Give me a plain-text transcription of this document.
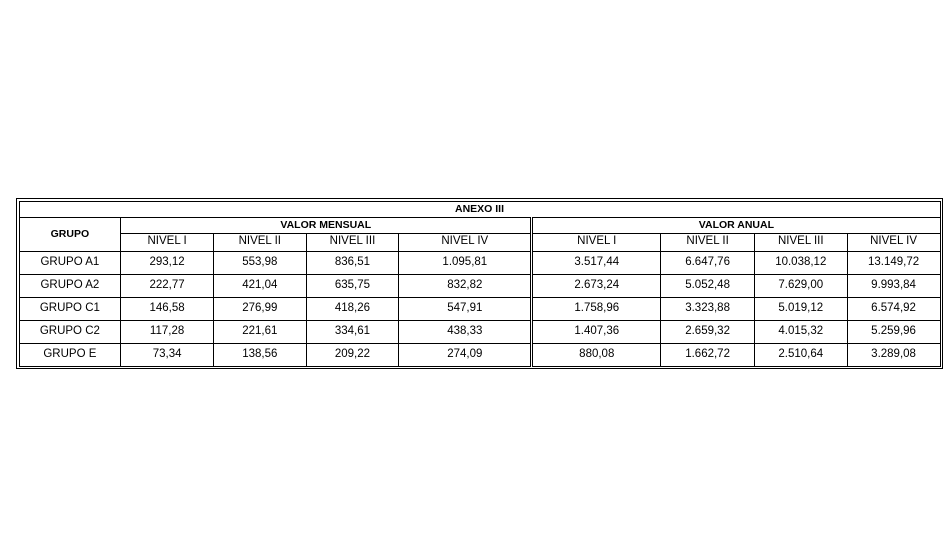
ANEXO III								
GRUPO	VALOR MENSUAL				VALOR ANUAL			
	NIVEL I	NIVEL II	NIVEL III	NIVEL IV	NIVEL I	NIVEL II	NIVEL III	NIVEL IV
GRUPO A1	293,12	553,98	836,51	1.095,81	3.517,44	6.647,76	10.038,12	13.149,72
GRUPO A2	222,77	421,04	635,75	832,82	2.673,24	5.052,48	7.629,00	9.993,84
GRUPO C1	146,58	276,99	418,26	547,91	1.758,96	3.323,88	5.019,12	6.574,92
GRUPO C2	117,28	221,61	334,61	438,33	1.407,36	2.659,32	4.015,32	5.259,96
GRUPO E	73,34	138,56	209,22	274,09	880,08	1.662,72	2.510,64	3.289,08
